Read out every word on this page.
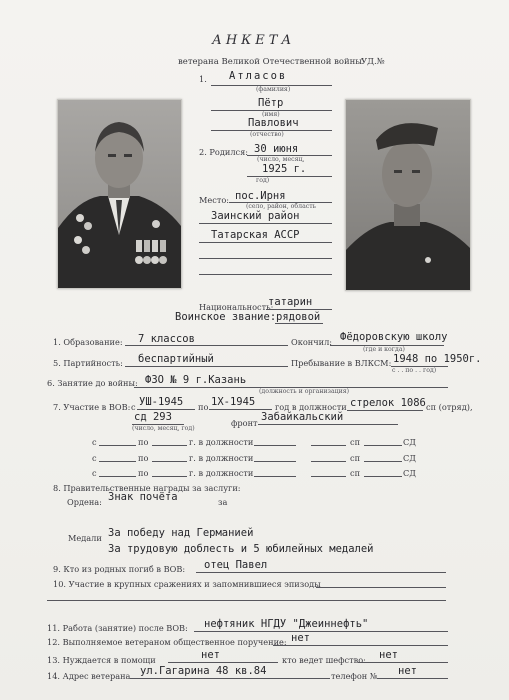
АНКЕТА
ветерана Великой Отечественной войны
УД.№
1. Атласов
(фамилия)
Пётр
(имя)
Павлович
(отчество)
2. Родился: 30 июня
(число, месяц,
1925 г.
год)
Место: пос.Ирня
(село, район, область
Заинский район
Татарская АССР
Национальность:
татарин
Воинское звание: рядовой
1. Образование: 7 классов	Окончил: Фёдоровскую школу
(где и когда)
5. Партийность: беспартийный	Пребывание в ВЛКСМ: 1948 по 1950г.
с . . по . . год)
6. Занятие до войны: ФЗО № 9 г.Казань
(должность и организация)
7. Участие в ВОВ: с УШ-1945 по 1Х-1945 год в должности стрелок 1086 сп (отряд),
сд 293	фронт Забайкальский
(число, месяц, год)
с	по	г. в должности	сп	СД
с	по	г. в должности	сп	СД
с	по	г. в должности	сп	СД
8. Правительственные награды за заслуги:
Ордена: Знак почёта	за
Медали За победу над Германией
За трудовую доблесть и 5 юбилейных медалей
9. Кто из родных погиб в ВОВ: отец Павел
10. Участие в крупных сражениях и запомнившиеся эпизоды
11. Работа (занятие) после ВОВ: нефтяник НГДУ "Джеиннефть"
12. Выполняемое ветераном общественное поручение: нет
13. Нуждается в помощи	нет	кто ведет шефство: нет
14. Адрес ветерана ул.Гагарина 48 кв.84	телефон № нет
